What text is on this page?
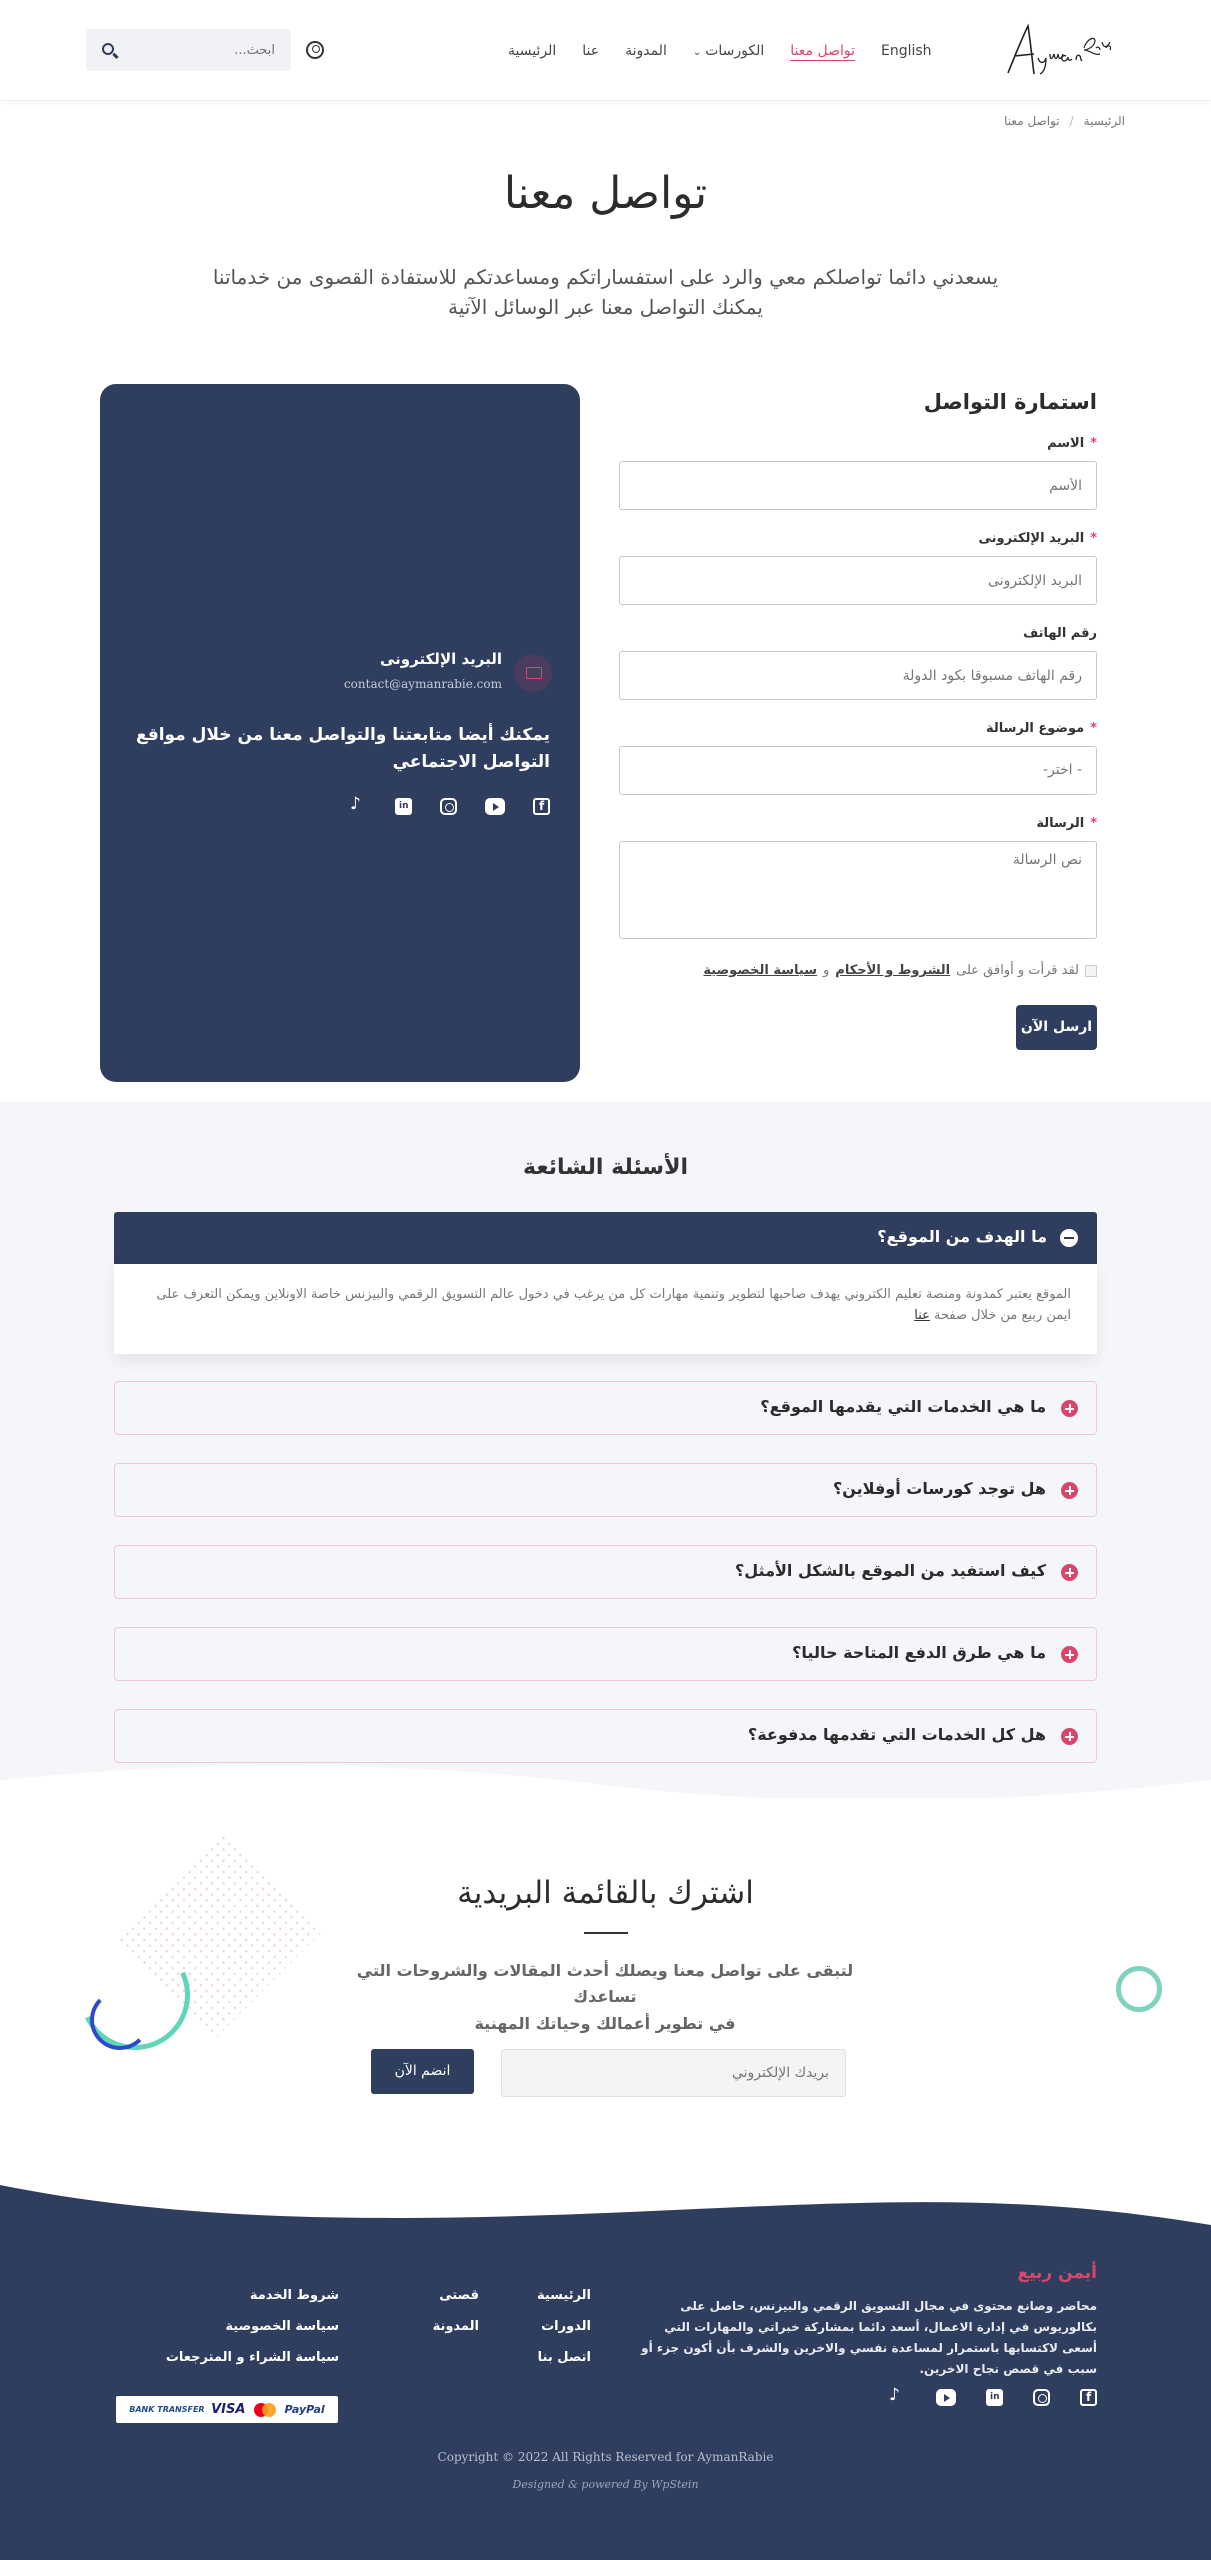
English
تواصل معنا
الكورسات⌄
المدونة
عنا
الرئيسية
ابحث...
الرئيسية
/
تواصل معنا
تواصل معنا
يسعدني دائما تواصلكم معي والرد على استفساراتكم ومساعدتكم للاستفادة القصوى من خدماتنا
يمكنك التواصل معنا عبر الوسائل الآتية
البريد الإلكترونى
contact@aymanrabie.com
يمكنك أيضا متابعتنا والتواصل معنا من خلال مواقع التواصل الاجتماعي
f
in
♪
استمارة التواصل
*الاسم
الأسم
*البريد الإلكترونى
البريد الإلكترونى
رقم الهاتف
رقم الهاتف مسبوقا بكود الدولة
*موضوع الرسالة
- اختر-
*الرسالة
نص الرسالة
لقد قرأت و أوافق على
الشروط و الأحكام
و
سياسة الخصوصية
ارسل الآن
الأسئلة الشائعة
ما الهدف من الموقع؟

الموقع يعتبر كمدونة ومنصة تعليم الكتروني يهدف صاحبها لتطوير وتنمية مهارات كل من يرغب في دخول عالم التسويق الرقمي والبيزنس خاصة الاونلاين ويمكن التعرف على ايمن ربيع من خلال صفحة عنا

ما هي الخدمات التي يقدمها الموقع؟
هل توجد كورسات أوفلاين؟
كيف استفيد من الموقع بالشكل الأمثل؟
ما هي طرق الدفع المتاحة حاليا؟
هل كل الخدمات التي تقدمها مدفوعة؟
اشترك بالقائمة البريدية
لتبقى على تواصل معنا ويصلك أحدث المقالات والشروحات التي تساعدك
في تطوير أعمالك وحياتك المهنية
بريدك الإلكتروني
انضم الآن
أيمن ربيع
محاضر وصانع محتوى في مجال التسويق الرقمي والبيزنس، حاصل على بكالوريوس في إدارة الاعمال، أسعد دائما بمشاركة خبراتي والمهارات التي أسعى لاكتسابها باستمرار لمساعدة نفسي والاخرين والشرف بأن أكون جزء أو سبب في قصص نجاح الاخرين.
f
in
♪
الرئيسية
الدورات
اتصل بنا
قصتى
المدونة
شروط الخدمة
سياسة الخصوصية
سياسة الشراء و المترجعات
BANK TRANSFER VISA	PayPal
Copyright © 2022 All Rights Reserved for AymanRabie
Designed & powered By WpStein
